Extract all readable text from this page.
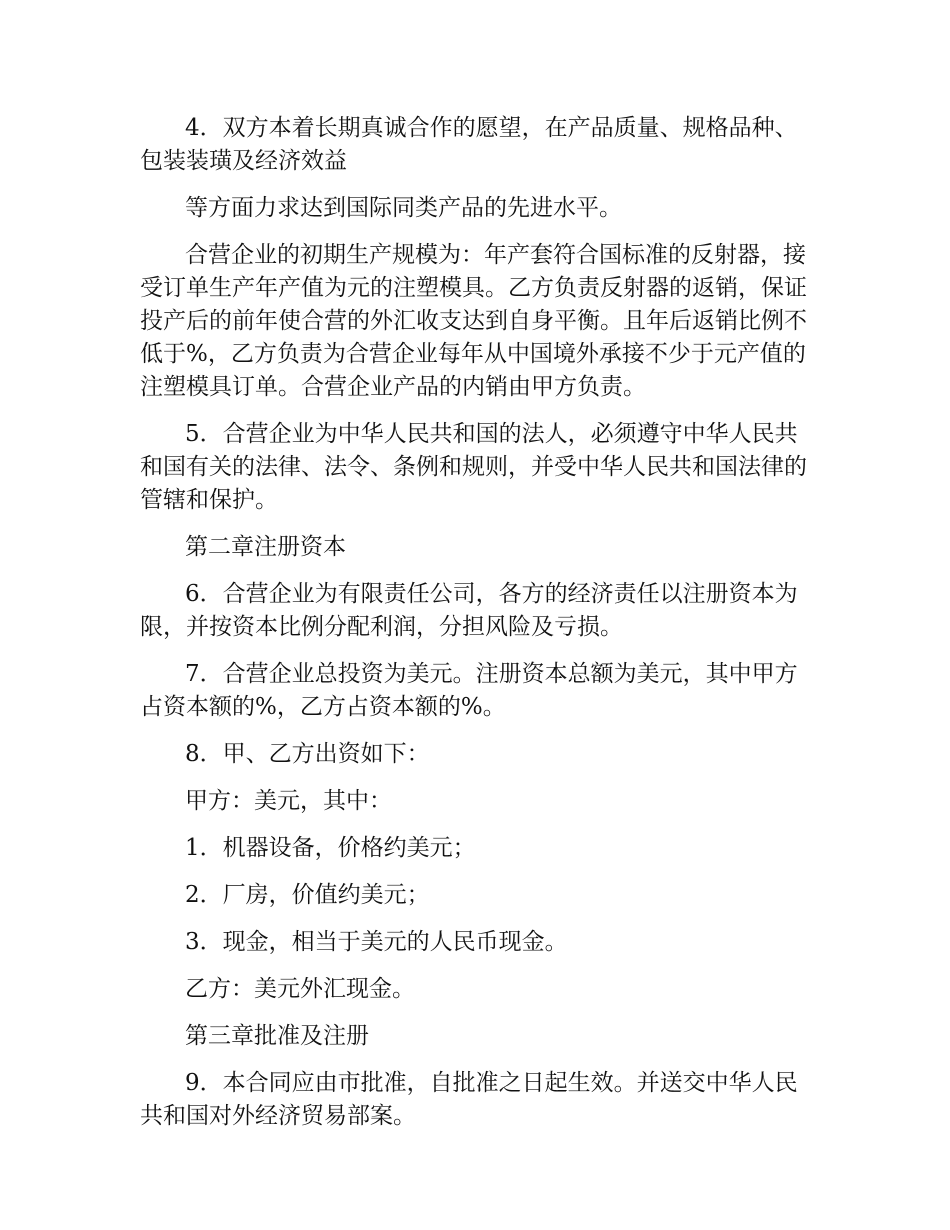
4．双方本着长期真诚合作的愿望，在产品质量、规格品种、包装装璜及经济效益

等方面力求达到国际同类产品的先进水平。

合营企业的初期生产规模为：年产套符合国标准的反射器，接受订单生产年产值为元的注塑模具。乙方负责反射器的返销，保证投产后的前年使合营的外汇收支达到自身平衡。且年后返销比例不低于%，乙方负责为合营企业每年从中国境外承接不少于元产值的注塑模具订单。合营企业产品的内销由甲方负责。

5．合营企业为中华人民共和国的法人，必须遵守中华人民共和国有关的法律、法令、条例和规则，并受中华人民共和国法律的管辖和保护。

第二章注册资本

6．合营企业为有限责任公司，各方的经济责任以注册资本为限，并按资本比例分配利润，分担风险及亏损。

7．合营企业总投资为美元。注册资本总额为美元，其中甲方占资本额的%，乙方占资本额的%。

8．甲、乙方出资如下：

甲方：美元，其中：

1．机器设备，价格约美元；

2．厂房，价值约美元；

3．现金，相当于美元的人民币现金。

乙方：美元外汇现金。

第三章批准及注册

9．本合同应由市批准，自批准之日起生效。并送交中华人民共和国对外经济贸易部案。
